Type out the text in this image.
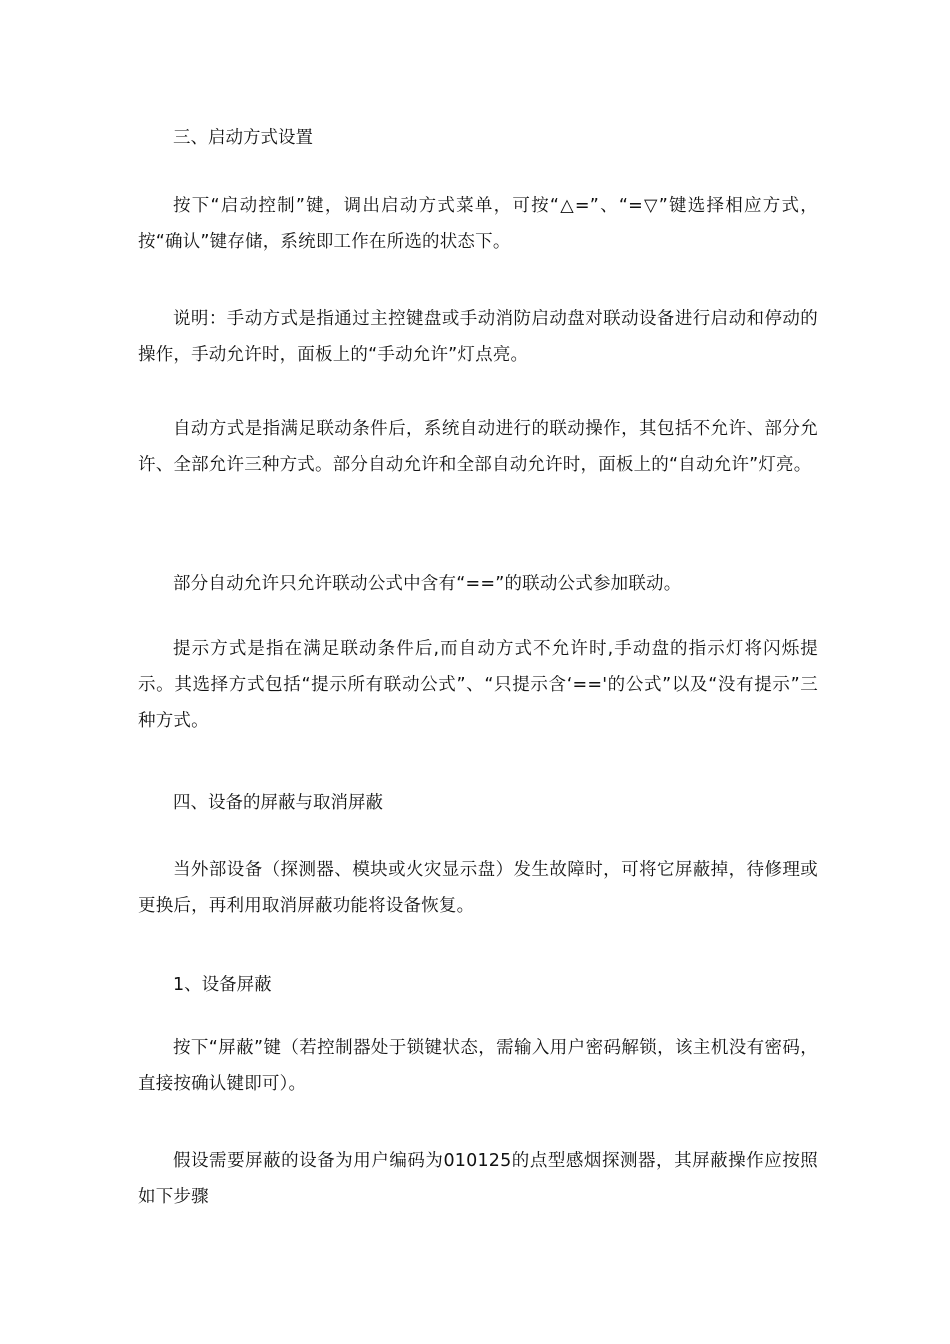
三、启动方式设置

按下“启动控制”键，调出启动方式菜单，可按“△=”、“=▽”键选择相应方式，按“确认”键存储，系统即工作在所选的状态下。

说明：手动方式是指通过主控键盘或手动消防启动盘对联动设备进行启动和停动的操作，手动允许时，面板上的“手动允许”灯点亮。

自动方式是指满足联动条件后，系统自动进行的联动操作，其包括不允许、部分允许、全部允许三种方式。部分自动允许和全部自动允许时，面板上的“自动允许”灯亮。

部分自动允许只允许联动公式中含有“==”的联动公式参加联动。

提示方式是指在满足联动条件后,而自动方式不允许时,手动盘的指示灯将闪烁提示。其选择方式包括“提示所有联动公式”、“只提示含‘=='的公式”以及“没有提示”三种方式。

四、设备的屏蔽与取消屏蔽

当外部设备（探测器、模块或火灾显示盘）发生故障时，可将它屏蔽掉，待修理或更换后，再利用取消屏蔽功能将设备恢复。

1、设备屏蔽

按下“屏蔽”键（若控制器处于锁键状态，需输入用户密码解锁，该主机没有密码，直接按确认键即可）。

假设需要屏蔽的设备为用户编码为010125的点型感烟探测器，其屏蔽操作应按照如下步骤
